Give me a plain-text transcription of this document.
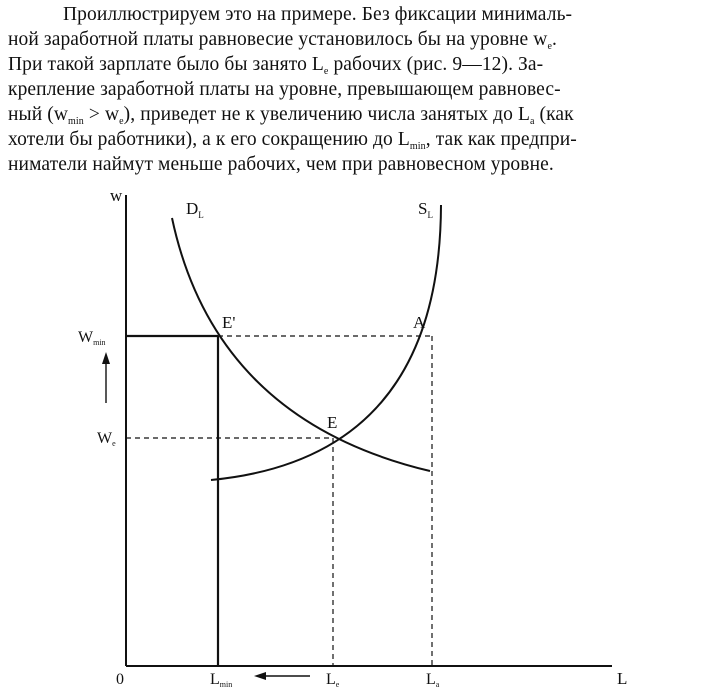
Проиллюстрируем это на примере. Без фиксации минималь-
ной заработной платы равновесие установилось бы на уровне $w_e$.
При такой зарплате было бы занято $L_e$ рабочих (рис. 9—12). За-
крепление заработной платы на уровне, превышающем равновес-
ный $(w_{min} > w_e)$, приведет не к увеличению числа занятых до $L_a$ (как
хотели бы работники), а к его сокращению до $L_{min}$, так как предпри-
ниматели наймут меньше рабочих, чем при равновесном уровне.
w
L
0
$D_L$	$S_L$
E'	A
E
Wmin
We
Lmin	Le	La
